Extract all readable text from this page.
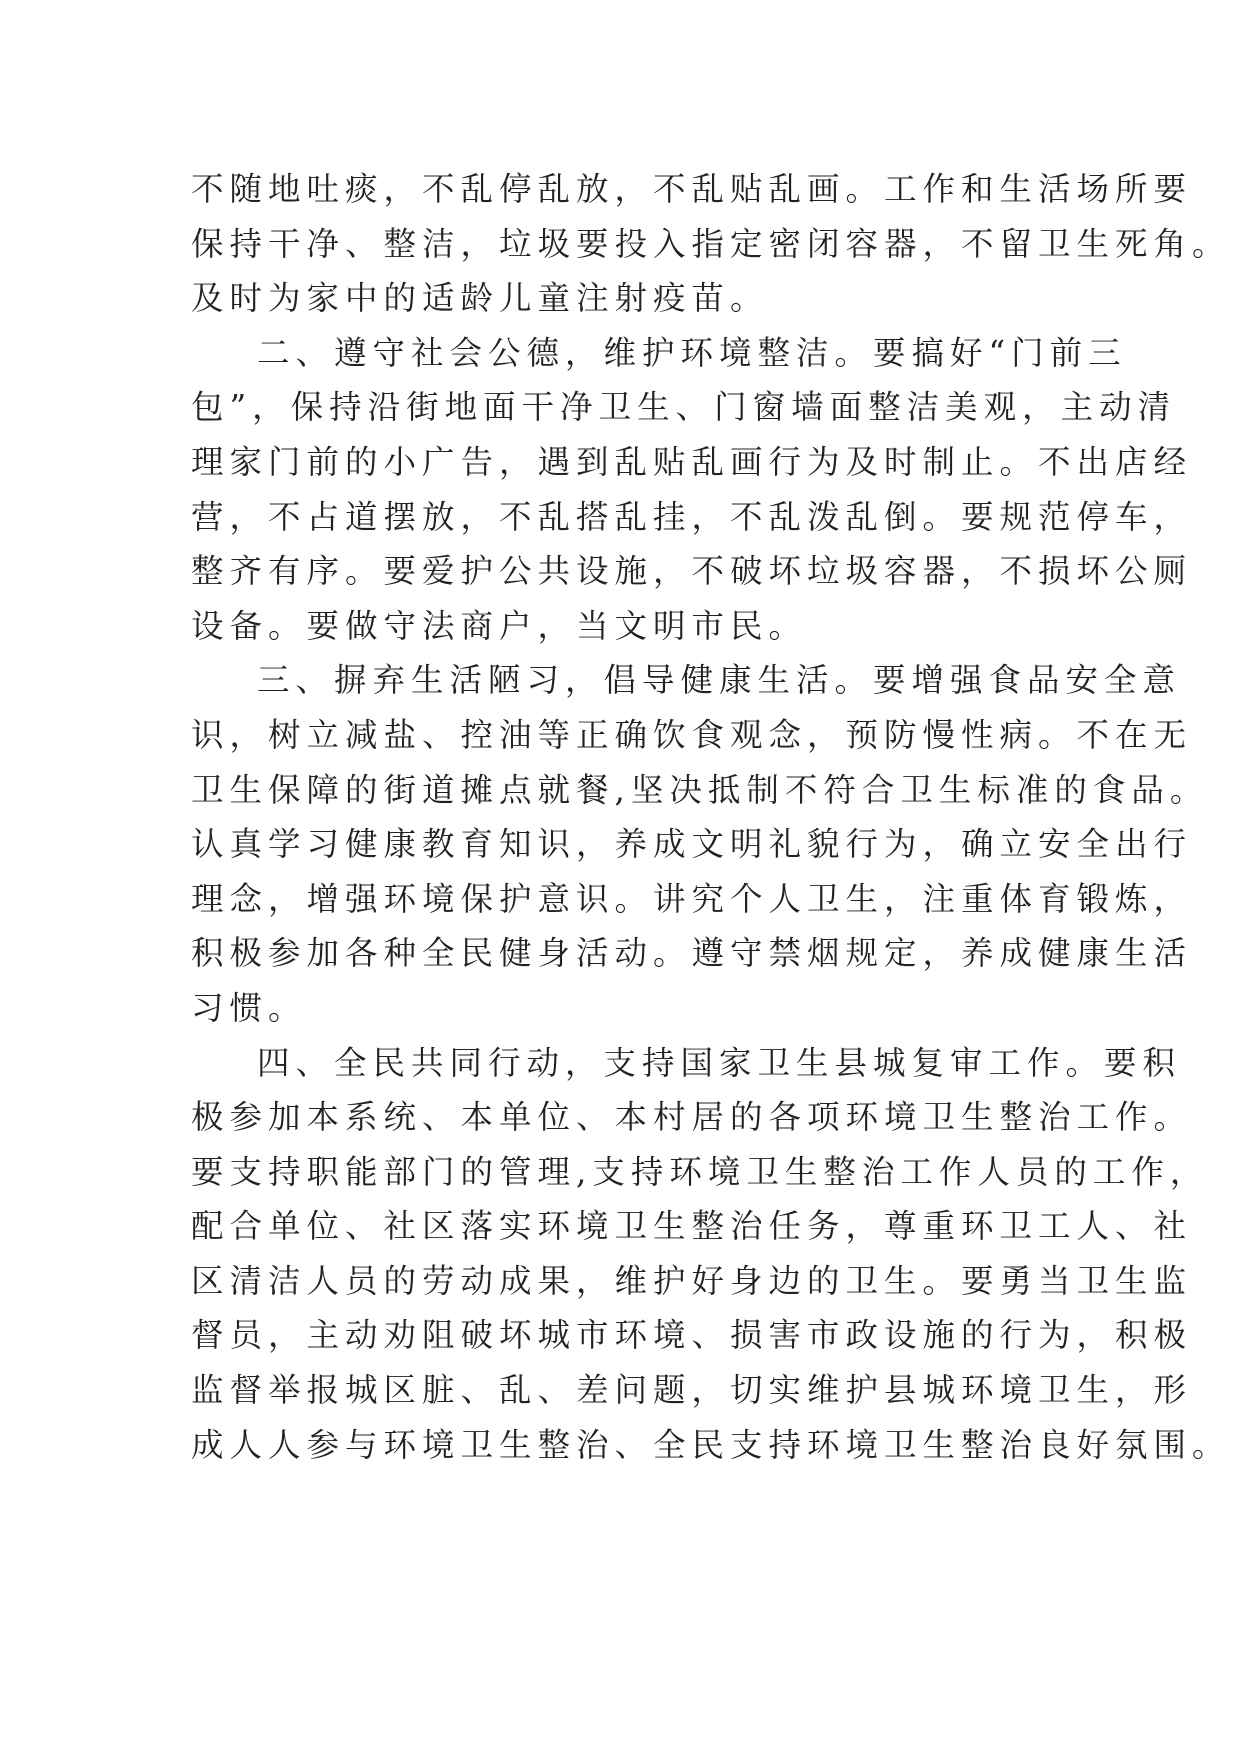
不随地吐痰，不乱停乱放，不乱贴乱画。工作和生活场所要
保持干净、整洁，垃圾要投入指定密闭容器，不留卫生死角。
及时为家中的适龄儿童注射疫苗。
二、遵守社会公德，维护环境整洁。要搞好“门前三
包”，保持沿街地面干净卫生、门窗墙面整洁美观，主动清
理家门前的小广告，遇到乱贴乱画行为及时制止。不出店经
营，不占道摆放，不乱搭乱挂，不乱泼乱倒。要规范停车，
整齐有序。要爱护公共设施，不破坏垃圾容器，不损坏公厕
设备。要做守法商户，当文明市民。
三、摒弃生活陋习，倡导健康生活。要增强食品安全意
识，树立减盐、控油等正确饮食观念，预防慢性病。不在无
卫生保障的街道摊点就餐,坚决抵制不符合卫生标准的食品。
认真学习健康教育知识，养成文明礼貌行为，确立安全出行
理念，增强环境保护意识。讲究个人卫生，注重体育锻炼，
积极参加各种全民健身活动。遵守禁烟规定，养成健康生活
习惯。
四、全民共同行动，支持国家卫生县城复审工作。要积
极参加本系统、本单位、本村居的各项环境卫生整治工作。
要支持职能部门的管理,支持环境卫生整治工作人员的工作，
配合单位、社区落实环境卫生整治任务，尊重环卫工人、社
区清洁人员的劳动成果，维护好身边的卫生。要勇当卫生监
督员，主动劝阻破坏城市环境、损害市政设施的行为，积极
监督举报城区脏、乱、差问题，切实维护县城环境卫生，形
成人人参与环境卫生整治、全民支持环境卫生整治良好氛围。
